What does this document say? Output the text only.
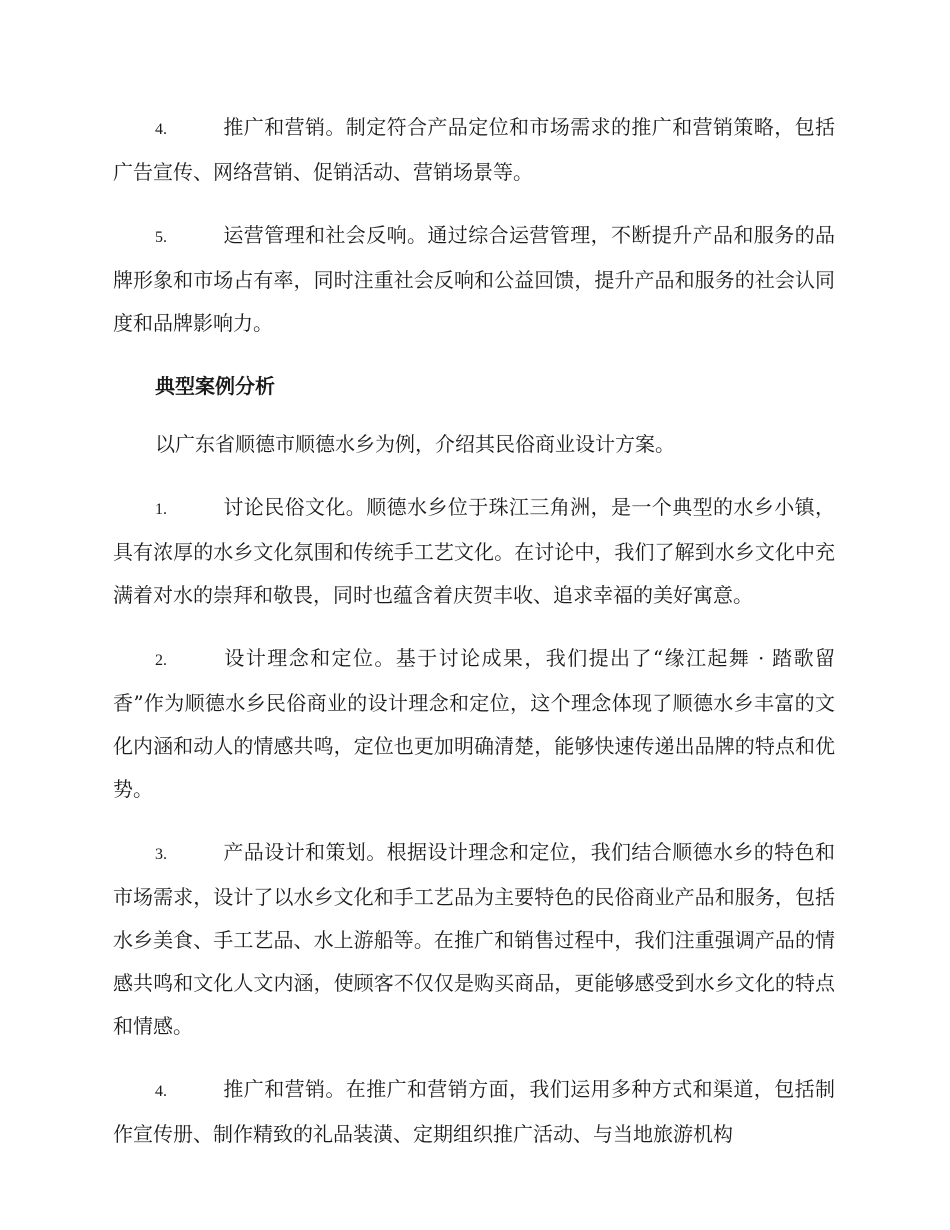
4.	推广和营销。制定符合产品定位和市场需求的推广和营销策略，包括广告宣传、网络营销、促销活动、营销场景等。

5.	运营管理和社会反响。通过综合运营管理，不断提升产品和服务的品牌形象和市场占有率，同时注重社会反响和公益回馈，提升产品和服务的社会认同度和品牌影响力。

典型案例分析

以广东省顺德市顺德水乡为例，介绍其民俗商业设计方案。

1.	讨论民俗文化。顺德水乡位于珠江三角洲，是一个典型的水乡小镇，具有浓厚的水乡文化氛围和传统手工艺文化。在讨论中，我们了解到水乡文化中充满着对水的崇拜和敬畏，同时也蕴含着庆贺丰收、追求幸福的美好寓意。

2.	设计理念和定位。基于讨论成果，我们提出了“缘江起舞 · 踏歌留香”作为顺德水乡民俗商业的设计理念和定位，这个理念体现了顺德水乡丰富的文化内涵和动人的情感共鸣，定位也更加明确清楚，能够快速传递出品牌的特点和优势。

3.	产品设计和策划。根据设计理念和定位，我们结合顺德水乡的特色和市场需求，设计了以水乡文化和手工艺品为主要特色的民俗商业产品和服务，包括水乡美食、手工艺品、水上游船等。在推广和销售过程中，我们注重强调产品的情感共鸣和文化人文内涵，使顾客不仅仅是购买商品，更能够感受到水乡文化的特点和情感。

4.	推广和营销。在推广和营销方面，我们运用多种方式和渠道，包括制作宣传册、制作精致的礼品装潢、定期组织推广活动、与当地旅游机构
